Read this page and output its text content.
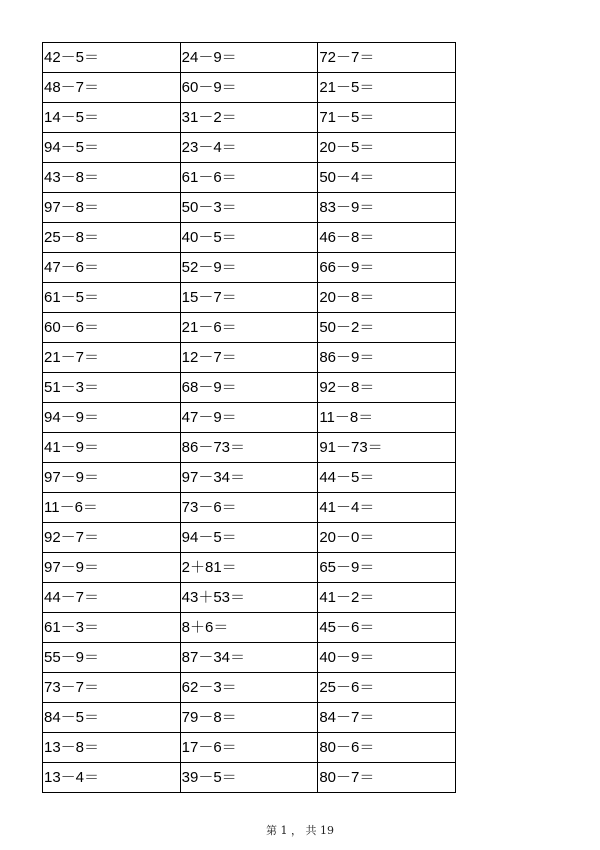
42－5＝	24－9＝	72－7＝
48－7＝	60－9＝	21－5＝
14－5＝	31－2＝	71－5＝
94－5＝	23－4＝	20－5＝
43－8＝	61－6＝	50－4＝
97－8＝	50－3＝	83－9＝
25－8＝	40－5＝	46－8＝
47－6＝	52－9＝	66－9＝
61－5＝	15－7＝	20－8＝
60－6＝	21－6＝	50－2＝
21－7＝	12－7＝	86－9＝
51－3＝	68－9＝	92－8＝
94－9＝	47－9＝	11－8＝
41－9＝	86－73＝	91－73＝
97－9＝	97－34＝	44－5＝
11－6＝	73－6＝	41－4＝
92－7＝	94－5＝	20－0＝
97－9＝	2＋81＝	65－9＝
44－7＝	43＋53＝	41－2＝
61－3＝	8＋6＝	45－6＝
55－9＝	87－34＝	40－9＝
73－7＝	62－3＝	25－6＝
84－5＝	79－8＝	84－7＝
13－8＝	17－6＝	80－6＝
13－4＝	39－5＝	80－7＝
第 1 ， 共 19
